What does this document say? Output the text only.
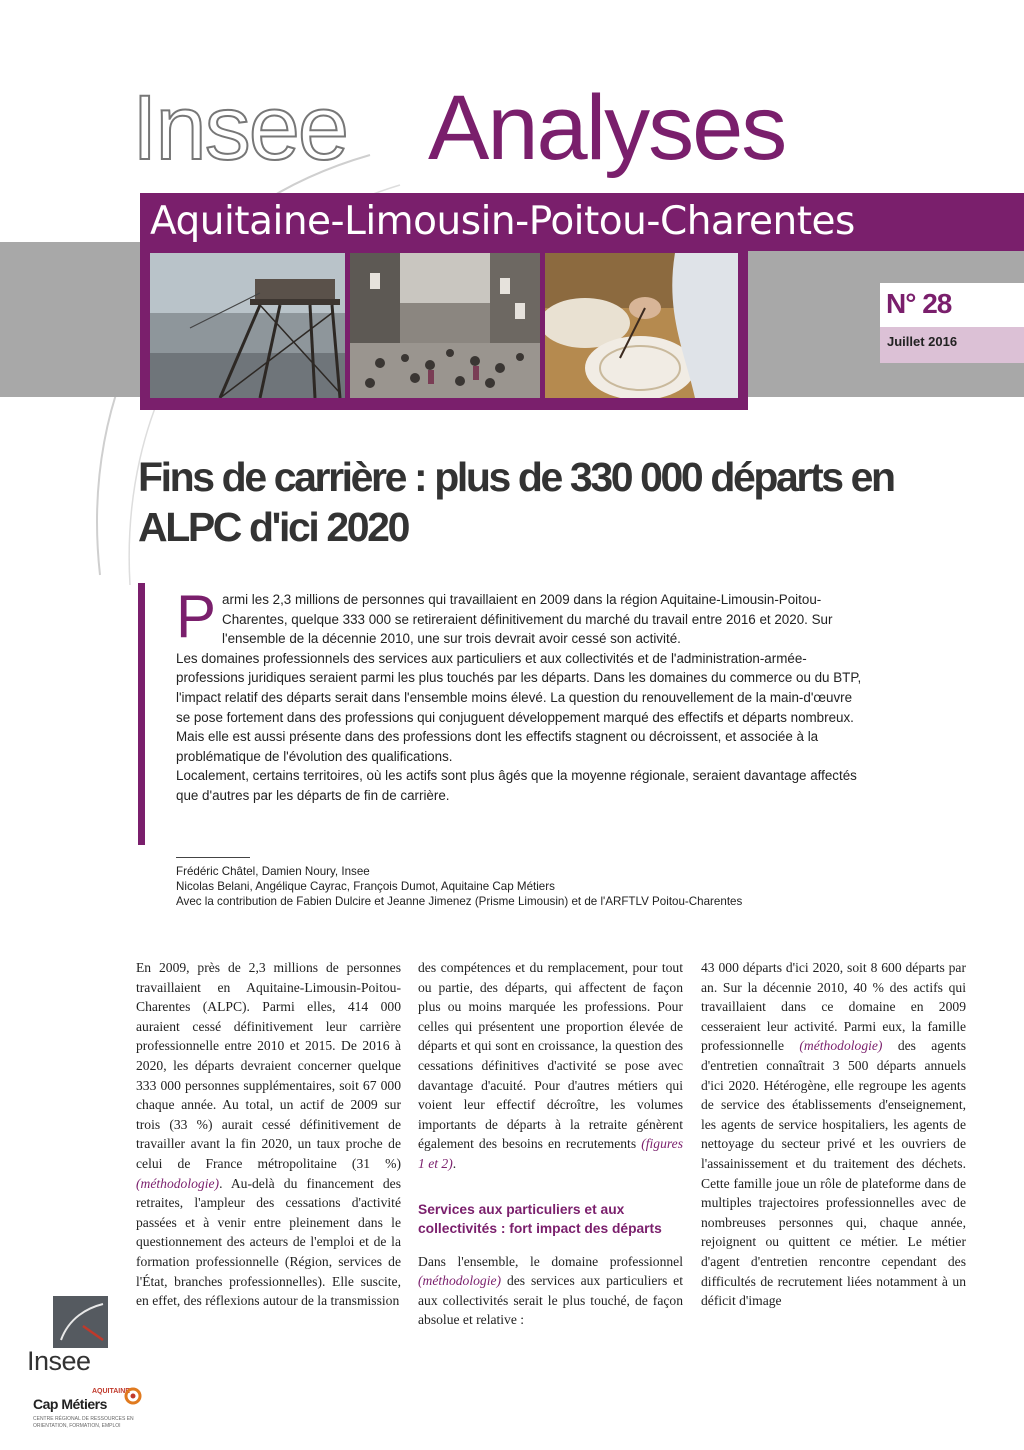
Insee Analyses
Aquitaine-Limousin-Poitou-Charentes
N° 28
Juillet 2016
Fins de carrière : plus de 330 000 départs en ALPC d'ici 2020
P armi les 2,3 millions de personnes qui travaillaient en 2009 dans la région Aquitaine-Limousin-Poitou-Charentes, quelque 333 000 se retireraient définitivement du marché du travail entre 2016 et 2020. Sur l'ensemble de la décennie 2010, une sur trois devrait avoir cessé son activité.

Les domaines professionnels des services aux particuliers et aux collectivités et de l'administration-armée-professions juridiques seraient parmi les plus touchés par les départs. Dans les domaines du commerce ou du BTP, l'impact relatif des départs serait dans l'ensemble moins élevé. La question du renouvellement de la main-d'œuvre se pose fortement dans des professions qui conjuguent développement marqué des effectifs et départs nombreux. Mais elle est aussi présente dans des professions dont les effectifs stagnent ou décroissent, et associée à la problématique de l'évolution des qualifications.

Localement, certains territoires, où les actifs sont plus âgés que la moyenne régionale, seraient davantage affectés que d'autres par les départs de fin de carrière.

Frédéric Châtel, Damien Noury, Insee
Nicolas Belani, Angélique Cayrac, François Dumot, Aquitaine Cap Métiers
Avec la contribution de Fabien Dulcire et Jeanne Jimenez (Prisme Limousin) et de l'ARFTLV Poitou-Charentes
En 2009, près de 2,3 millions de personnes travaillaient en Aquitaine-Limousin-Poitou-Charentes (ALPC). Parmi elles, 414 000 auraient cessé définitivement leur carrière professionnelle entre 2010 et 2015. De 2016 à 2020, les départs devraient concerner quelque 333 000 personnes supplémentaires, soit 67 000 chaque année. Au total, un actif de 2009 sur trois (33 %) aurait cessé définitivement de travailler avant la fin 2020, un taux proche de celui de France métropolitaine (31 %) (méthodologie). Au-delà du financement des retraites, l'ampleur des cessations d'activité passées et à venir entre pleinement dans le questionnement des acteurs de l'emploi et de la formation professionnelle (Région, services de l'État, branches professionnelles). Elle suscite, en effet, des réflexions autour de la transmission
des compétences et du remplacement, pour tout ou partie, des départs, qui affectent de façon plus ou moins marquée les professions. Pour celles qui présentent une proportion élevée de départs et qui sont en croissance, la question des cessations définitives d'activité se pose avec davantage d'acuité. Pour d'autres métiers qui voient leur effectif décroître, les volumes importants de départs à la retraite génèrent également des besoins en recrutements (figures 1 et 2).
Services aux particuliers et aux collectivités : fort impact des départs
Dans l'ensemble, le domaine professionnel (méthodologie) des services aux particuliers et aux collectivités serait le plus touché, de façon absolue et relative :
43 000 départs d'ici 2020, soit 8 600 départs par an. Sur la décennie 2010, 40 % des actifs qui travaillaient dans ce domaine en 2009 cesseraient leur activité. Parmi eux, la famille professionnelle (méthodologie) des agents d'entretien connaîtrait 3 500 départs annuels d'ici 2020. Hétérogène, elle regroupe les agents de service des établissements d'enseignement, les agents de service hospitaliers, les agents de nettoyage du secteur privé et les ouvriers de l'assainissement et du traitement des déchets. Cette famille joue un rôle de plateforme dans de multiples trajectoires professionnelles avec de nombreuses personnes qui, chaque année, rejoignent ou quittent ce métier. Le métier d'agent d'entretien rencontre cependant des difficultés de recrutement liées notamment à un déficit d'image
Insee
AQUITAINE
Cap Métiers
CENTRE RÉGIONAL DE RESSOURCES EN ORIENTATION, FORMATION, EMPLOI
